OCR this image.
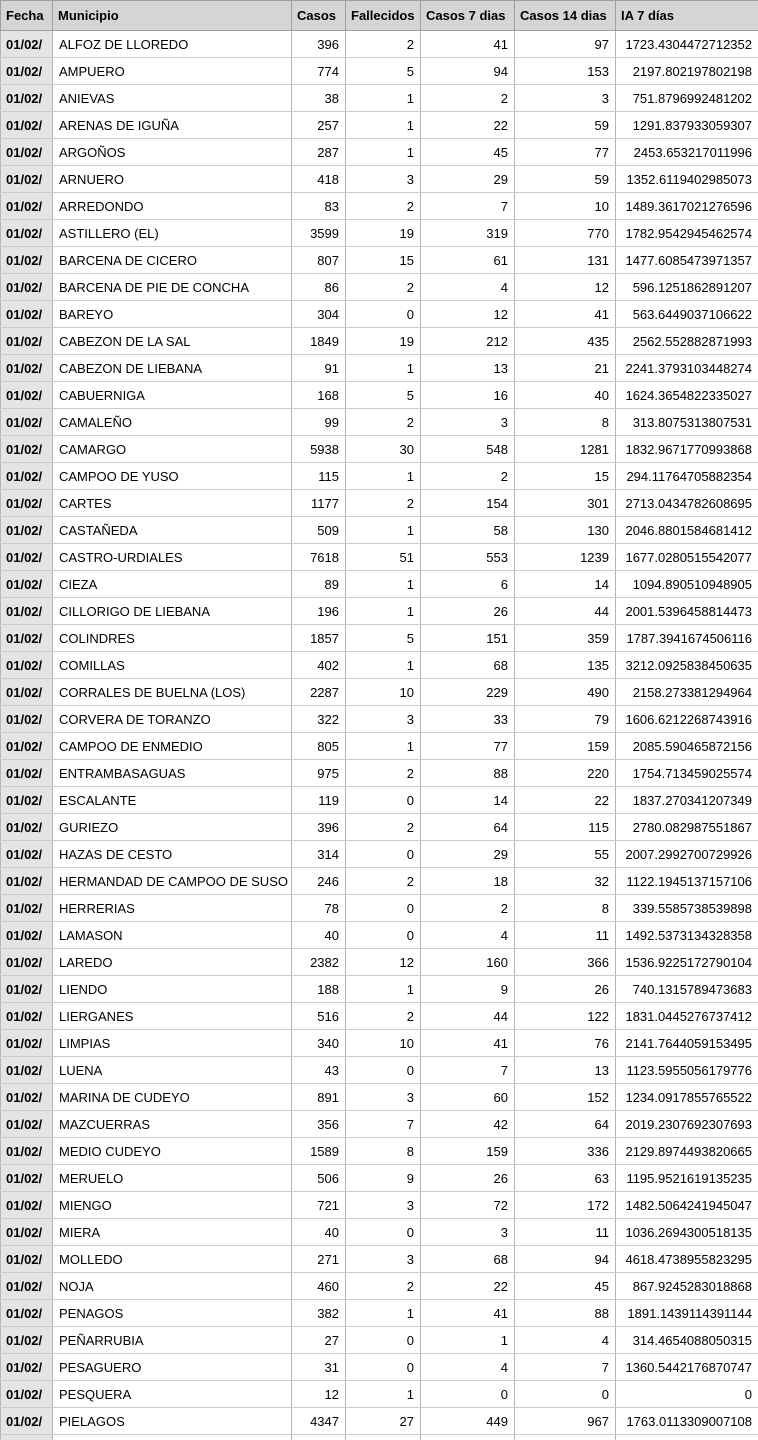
Fecha	Municipio	Casos	Fallecidos	Casos 7 dias	Casos 14 dias	IA 7 días
01/02/	ALFOZ DE LLOREDO	396	2	41	97	1723.4304472712352
01/02/	AMPUERO	774	5	94	153	2197.802197802198
01/02/	ANIEVAS	38	1	2	3	751.8796992481202
01/02/	ARENAS DE IGUÑA	257	1	22	59	1291.837933059307
01/02/	ARGOÑOS	287	1	45	77	2453.653217011996
01/02/	ARNUERO	418	3	29	59	1352.6119402985073
01/02/	ARREDONDO	83	2	7	10	1489.3617021276596
01/02/	ASTILLERO (EL)	3599	19	319	770	1782.9542945462574
01/02/	BARCENA DE CICERO	807	15	61	131	1477.6085473971357
01/02/	BARCENA DE PIE DE CONCHA	86	2	4	12	596.1251862891207
01/02/	BAREYO	304	0	12	41	563.6449037106622
01/02/	CABEZON DE LA SAL	1849	19	212	435	2562.552882871993
01/02/	CABEZON DE LIEBANA	91	1	13	21	2241.3793103448274
01/02/	CABUERNIGA	168	5	16	40	1624.3654822335027
01/02/	CAMALEÑO	99	2	3	8	313.8075313807531
01/02/	CAMARGO	5938	30	548	1281	1832.9671770993868
01/02/	CAMPOO DE YUSO	115	1	2	15	294.11764705882354
01/02/	CARTES	1177	2	154	301	2713.0434782608695
01/02/	CASTAÑEDA	509	1	58	130	2046.8801584681412
01/02/	CASTRO-URDIALES	7618	51	553	1239	1677.0280515542077
01/02/	CIEZA	89	1	6	14	1094.890510948905
01/02/	CILLORIGO DE LIEBANA	196	1	26	44	2001.5396458814473
01/02/	COLINDRES	1857	5	151	359	1787.3941674506116
01/02/	COMILLAS	402	1	68	135	3212.0925838450635
01/02/	CORRALES DE BUELNA (LOS)	2287	10	229	490	2158.273381294964
01/02/	CORVERA DE TORANZO	322	3	33	79	1606.6212268743916
01/02/	CAMPOO DE ENMEDIO	805	1	77	159	2085.590465872156
01/02/	ENTRAMBASAGUAS	975	2	88	220	1754.713459025574
01/02/	ESCALANTE	119	0	14	22	1837.270341207349
01/02/	GURIEZO	396	2	64	115	2780.082987551867
01/02/	HAZAS DE CESTO	314	0	29	55	2007.2992700729926
01/02/	HERMANDAD DE CAMPOO DE SUSO	246	2	18	32	1122.1945137157106
01/02/	HERRERIAS	78	0	2	8	339.5585738539898
01/02/	LAMASON	40	0	4	11	1492.5373134328358
01/02/	LAREDO	2382	12	160	366	1536.9225172790104
01/02/	LIENDO	188	1	9	26	740.1315789473683
01/02/	LIERGANES	516	2	44	122	1831.0445276737412
01/02/	LIMPIAS	340	10	41	76	2141.7644059153495
01/02/	LUENA	43	0	7	13	1123.5955056179776
01/02/	MARINA DE CUDEYO	891	3	60	152	1234.0917855765522
01/02/	MAZCUERRAS	356	7	42	64	2019.2307692307693
01/02/	MEDIO CUDEYO	1589	8	159	336	2129.8974493820665
01/02/	MERUELO	506	9	26	63	1195.9521619135235
01/02/	MIENGO	721	3	72	172	1482.5064241945047
01/02/	MIERA	40	0	3	11	1036.2694300518135
01/02/	MOLLEDO	271	3	68	94	4618.4738955823295
01/02/	NOJA	460	2	22	45	867.9245283018868
01/02/	PENAGOS	382	1	41	88	1891.1439114391144
01/02/	PEÑARRUBIA	27	0	1	4	314.4654088050315
01/02/	PESAGUERO	31	0	4	7	1360.5442176870747
01/02/	PESQUERA	12	1	0	0	0
01/02/	PIELAGOS	4347	27	449	967	1763.0113309007108
